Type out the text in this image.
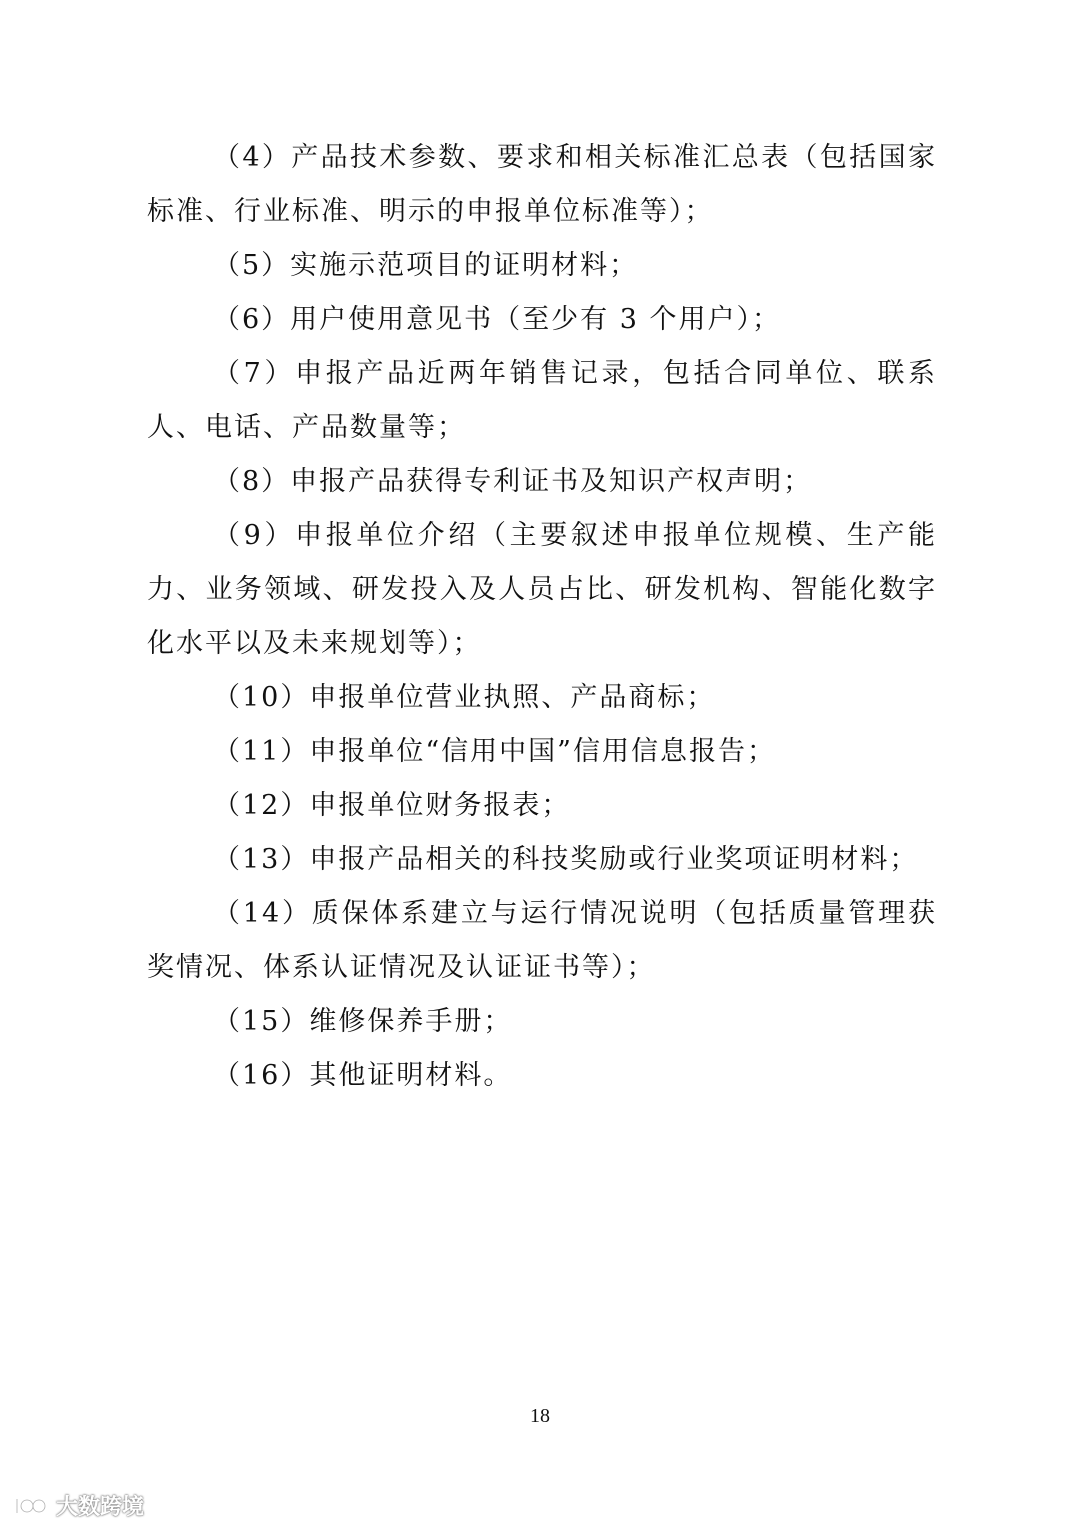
（4）产品技术参数、要求和相关标准汇总表（包括国家标准、行业标准、明示的申报单位标准等）；

（5）实施示范项目的证明材料；

（6）用户使用意见书（至少有 3 个用户）；

（7）申报产品近两年销售记录，包括合同单位、联系人、电话、产品数量等；

（8）申报产品获得专利证书及知识产权声明；

（9）申报单位介绍（主要叙述申报单位规模、生产能力、业务领域、研发投入及人员占比、研发机构、智能化数字化水平以及未来规划等）；

（10）申报单位营业执照、产品商标；

（11）申报单位“信用中国”信用信息报告；

（12）申报单位财务报表；

（13）申报产品相关的科技奖励或行业奖项证明材料；

（14）质保体系建立与运行情况说明（包括质量管理获奖情况、体系认证情况及认证证书等）；

（15）维修保养手册；

（16）其他证明材料。

18
大数跨境
